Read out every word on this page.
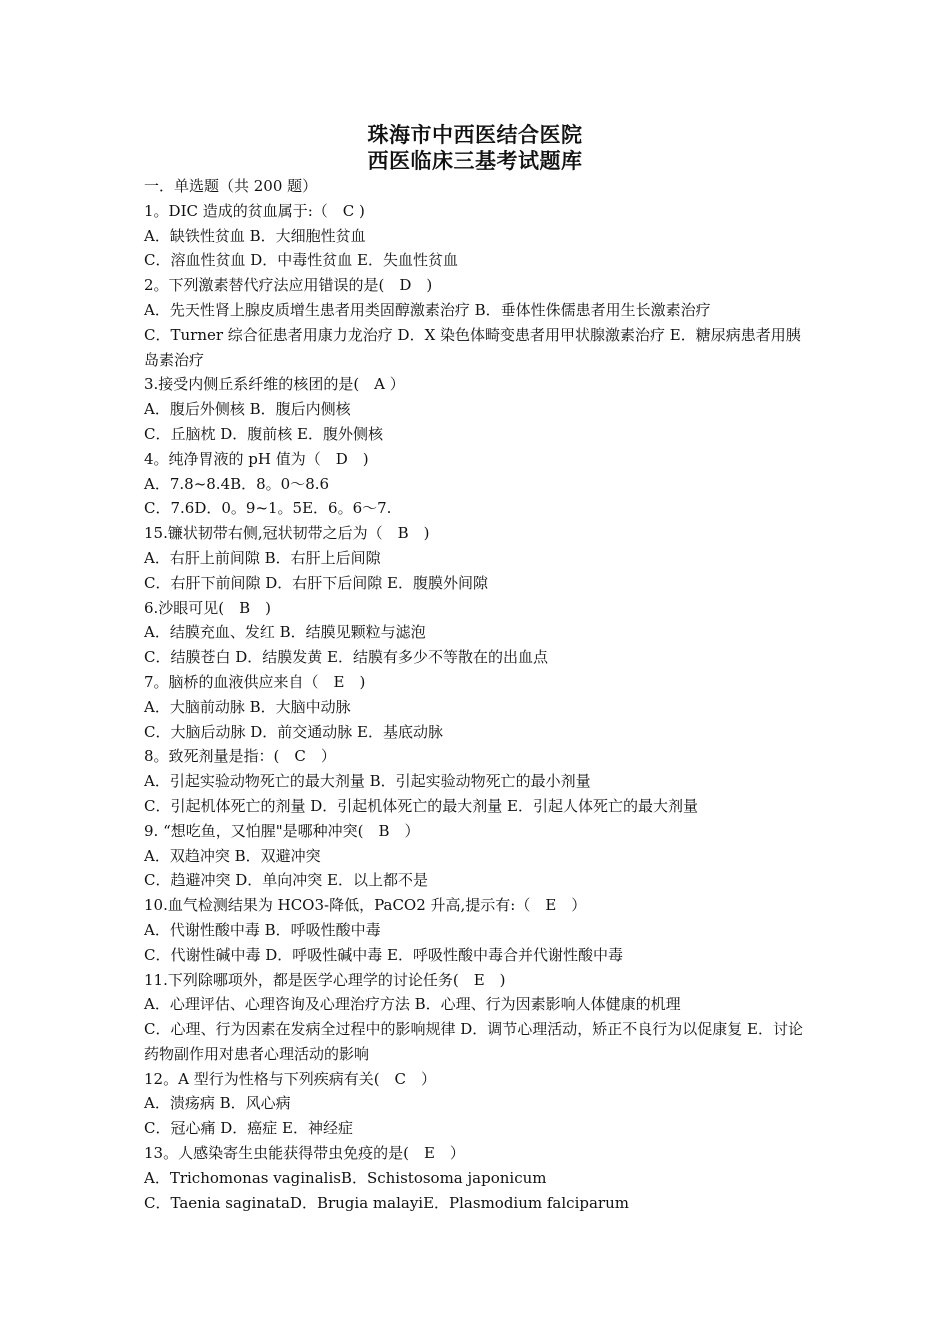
珠海市中西医结合医院

西医临床三基考试题库

一．单选题（共 200 题）

1。DIC 造成的贫血属于:（　C )

A．缺铁性贫血 B．大细胞性贫血

C．溶血性贫血 D．中毒性贫血 E．失血性贫血

2。下列激素替代疗法应用错误的是(　D　)

A．先天性肾上腺皮质增生患者用类固醇激素治疗 B．垂体性侏儒患者用生长激素治疗

C．Turner 综合征患者用康力龙治疗 D．X 染色体畸变患者用甲状腺激素治疗 E．糖尿病患者用胰岛素治疗

3.接受内侧丘系纤维的核团的是(　A ）

A．腹后外侧核 B．腹后内侧核

C．丘脑枕 D．腹前核 E．腹外侧核

4。纯净胃液的 pH 值为（　D　)

A．7.8~8.4B．8。0～8.6

C．7.6D．0。9~1。5E．6。6～7.

15.镰状韧带右侧,冠状韧带之后为（　B　)

A．右肝上前间隙 B．右肝上后间隙

C．右肝下前间隙 D．右肝下后间隙 E．腹膜外间隙

6.沙眼可见(　B　)

A．结膜充血、发红 B．结膜见颗粒与滤泡

C．结膜苍白 D．结膜发黄 E．结膜有多少不等散在的出血点

7。脑桥的血液供应来自（　E　)

A．大脑前动脉 B．大脑中动脉

C．大脑后动脉 D．前交通动脉 E．基底动脉

8。致死剂量是指：(　C　）

A．引起实验动物死亡的最大剂量 B．引起实验动物死亡的最小剂量

C．引起机体死亡的剂量 D．引起机体死亡的最大剂量 E．引起人体死亡的最大剂量

9. “想吃鱼，又怕腥"是哪种冲突(　B　）

A．双趋冲突 B．双避冲突

C．趋避冲突 D．单向冲突 E．以上都不是

10.血气检测结果为 HCO3-降低，PaCO2 升高,提示有:（　E　）

A．代谢性酸中毒 B．呼吸性酸中毒

C．代谢性碱中毒 D．呼吸性碱中毒 E．呼吸性酸中毒合并代谢性酸中毒

11.下列除哪项外，都是医学心理学的讨论任务(　E　)

A．心理评估、心理咨询及心理治疗方法 B．心理、行为因素影响人体健康的机理

C．心理、行为因素在发病全过程中的影响规律 D．调节心理活动，矫正不良行为以促康复 E．讨论药物副作用对患者心理活动的影响

12。A 型行为性格与下列疾病有关(　C　）

A．溃疡病 B．风心病

C．冠心痛 D．癌症 E．神经症

13。人感染寄生虫能获得带虫免疫的是(　E　）

A．Trichomonas vaginalisB．Schistosoma japonicum

C．Taenia saginataD．Brugia malayiE．Plasmodium falciparum
